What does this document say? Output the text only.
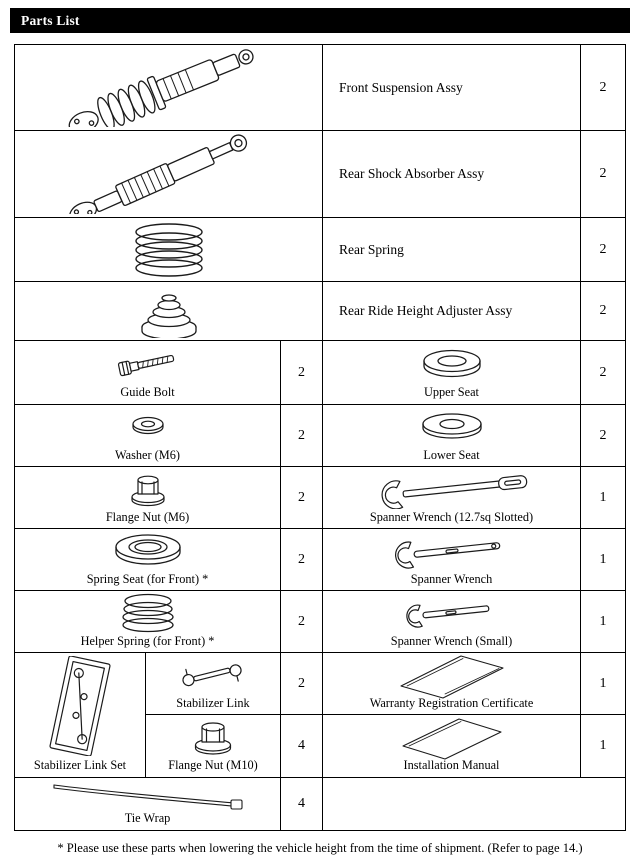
Parts List
	Front Suspension Assy	2
	Rear Shock Absorber Assy	2
	Rear Spring	2
	Rear Ride Height Adjuster Assy	2

Guide Bolt		2	Upper Seat	2

Washer (M6)		2	Lower Seat	2

Flange Nut (M6)		2	Spanner Wrench (12.7sq Slotted)	1

Spring Seat (for Front) *		2	Spanner Wrench	1

Helper Spring (for Front) *		2	Spanner Wrench (Small)	1

Stabilizer Link Set	Stabilizer Link	2	Warranty Registration Certificate	1

	Flange Nut (M10)	4	Installation Manual	1

Tie Wrap		4		
* Please use these parts when lowering the vehicle height from the time of shipment. (Refer to page 14.)
